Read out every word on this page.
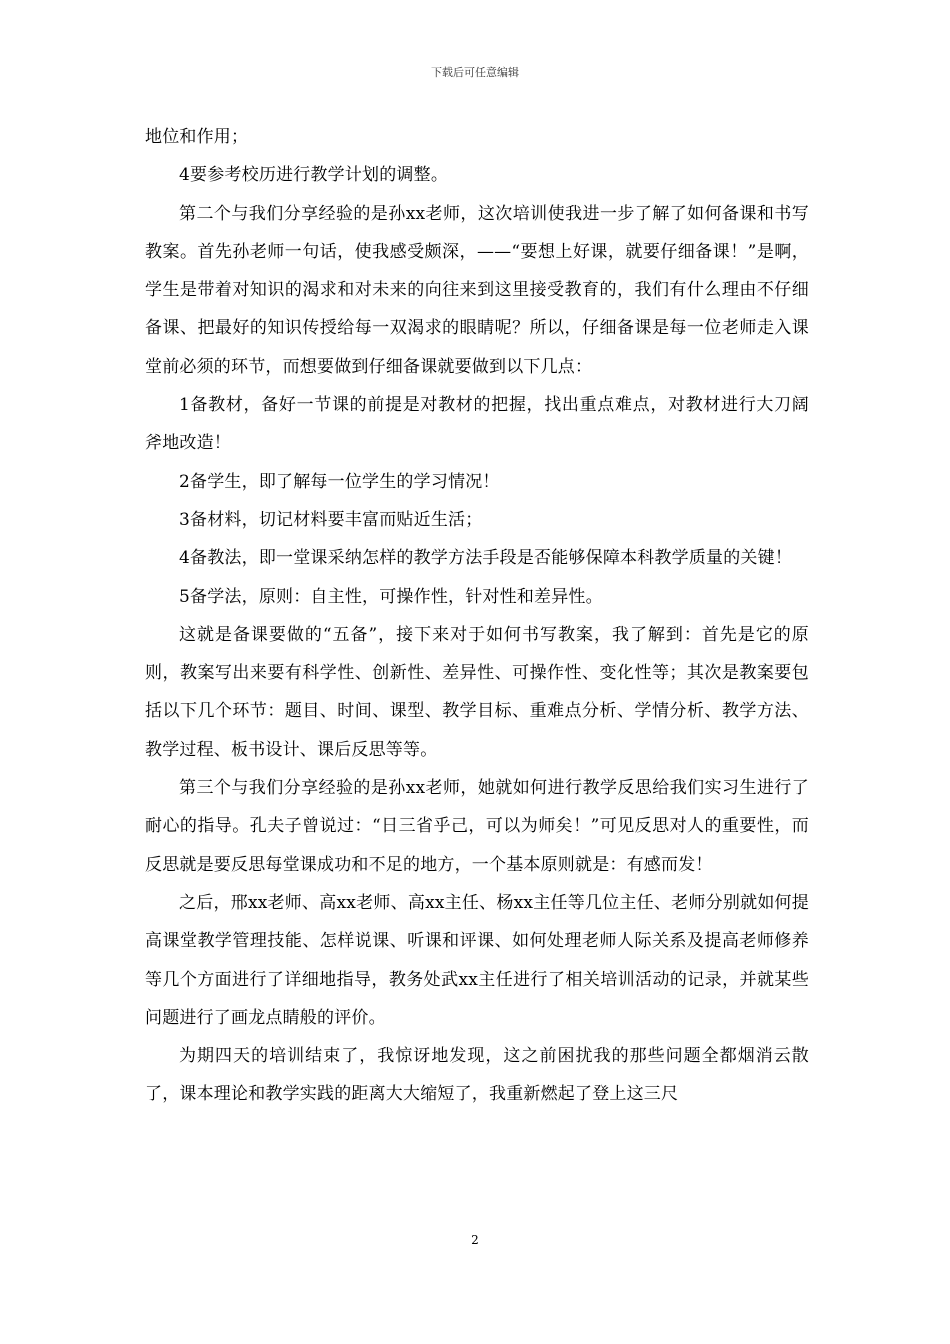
下载后可任意编辑

地位和作用；

4要参考校历进行教学计划的调整。

第二个与我们分享经验的是孙xx老师，这次培训使我进一步了解了如何备课和书写教案。首先孙老师一句话，使我感受颇深，——“要想上好课，就要仔细备课！”是啊，学生是带着对知识的渴求和对未来的向往来到这里接受教育的，我们有什么理由不仔细备课、把最好的知识传授给每一双渴求的眼睛呢？所以，仔细备课是每一位老师走入课堂前必须的环节，而想要做到仔细备课就要做到以下几点：

1备教材，备好一节课的前提是对教材的把握，找出重点难点，对教材进行大刀阔斧地改造！

2备学生，即了解每一位学生的学习情况！

3备材料，切记材料要丰富而贴近生活；

4备教法，即一堂课采纳怎样的教学方法手段是否能够保障本科教学质量的关键！

5备学法，原则：自主性，可操作性，针对性和差异性。

这就是备课要做的“五备”，接下来对于如何书写教案，我了解到：首先是它的原则，教案写出来要有科学性、创新性、差异性、可操作性、变化性等；其次是教案要包括以下几个环节：题目、时间、课型、教学目标、重难点分析、学情分析、教学方法、教学过程、板书设计、课后反思等等。

第三个与我们分享经验的是孙xx老师，她就如何进行教学反思给我们实习生进行了耐心的指导。孔夫子曾说过：“日三省乎己，可以为师矣！”可见反思对人的重要性，而反思就是要反思每堂课成功和不足的地方，一个基本原则就是：有感而发！

之后，邢xx老师、高xx老师、高xx主任、杨xx主任等几位主任、老师分别就如何提高课堂教学管理技能、怎样说课、听课和评课、如何处理老师人际关系及提高老师修养等几个方面进行了详细地指导，教务处武xx主任进行了相关培训活动的记录，并就某些问题进行了画龙点睛般的评价。

为期四天的培训结束了，我惊讶地发现，这之前困扰我的那些问题全都烟消云散了，课本理论和教学实践的距离大大缩短了，我重新燃起了登上这三尺

2
